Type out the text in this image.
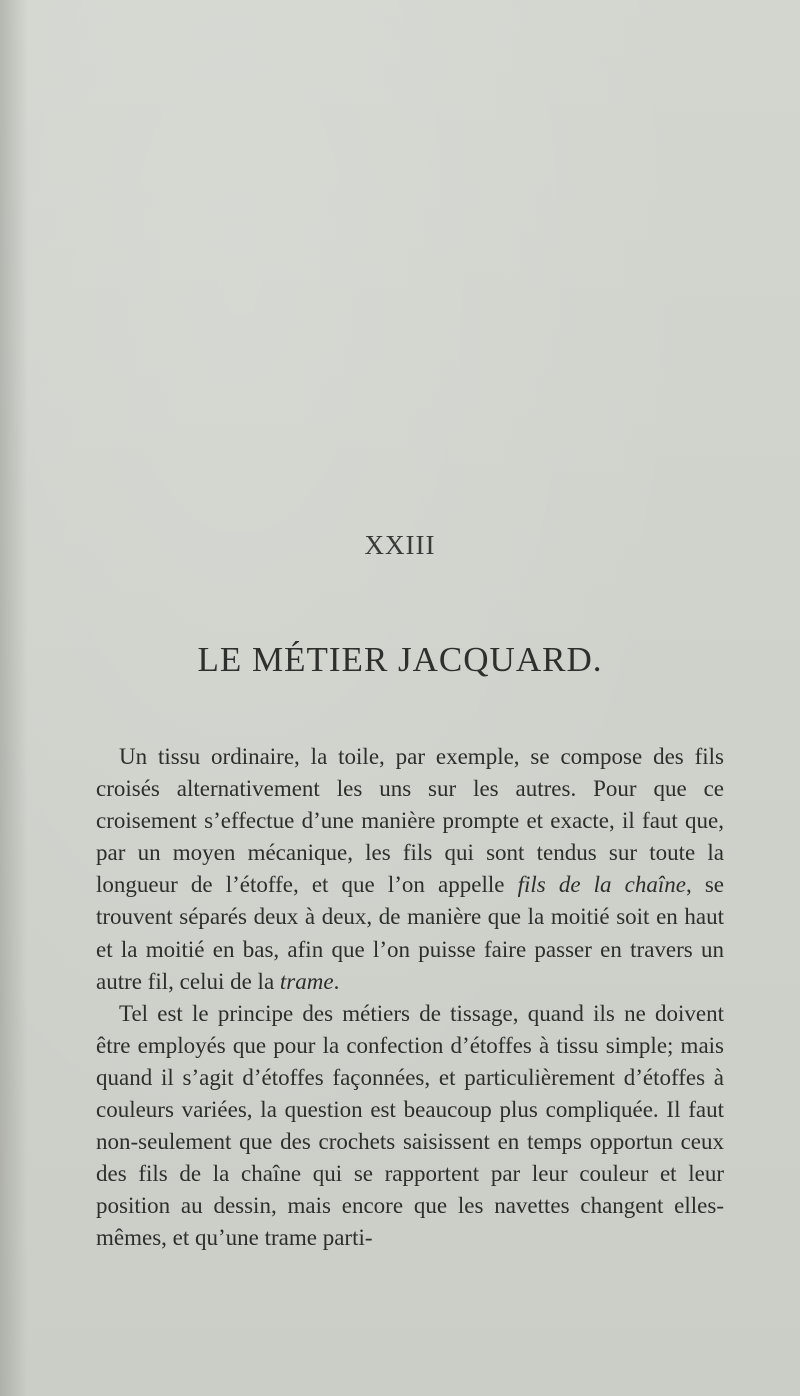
XXIII
LE MÉTIER JACQUARD.

Un tissu ordinaire, la toile, par exemple, se compose des fils croisés alternativement les uns sur les autres. Pour que ce croisement s’effectue d’une manière prompte et exacte, il faut que, par un moyen mécanique, les fils qui sont tendus sur toute la longueur de l’étoffe, et que l’on appelle fils de la chaîne, se trouvent séparés deux à deux, de manière que la moitié soit en haut et la moitié en bas, afin que l’on puisse faire passer en travers un autre fil, celui de la trame.

Tel est le principe des métiers de tissage, quand ils ne doivent être employés que pour la confection d’étoffes à tissu simple; mais quand il s’agit d’étoffes façonnées, et particulièrement d’étoffes à couleurs variées, la question est beaucoup plus compliquée. Il faut non-seulement que des crochets saisissent en temps opportun ceux des fils de la chaîne qui se rapportent par leur couleur et leur position au dessin, mais encore que les navettes changent elles-mêmes, et qu’une trame parti-
